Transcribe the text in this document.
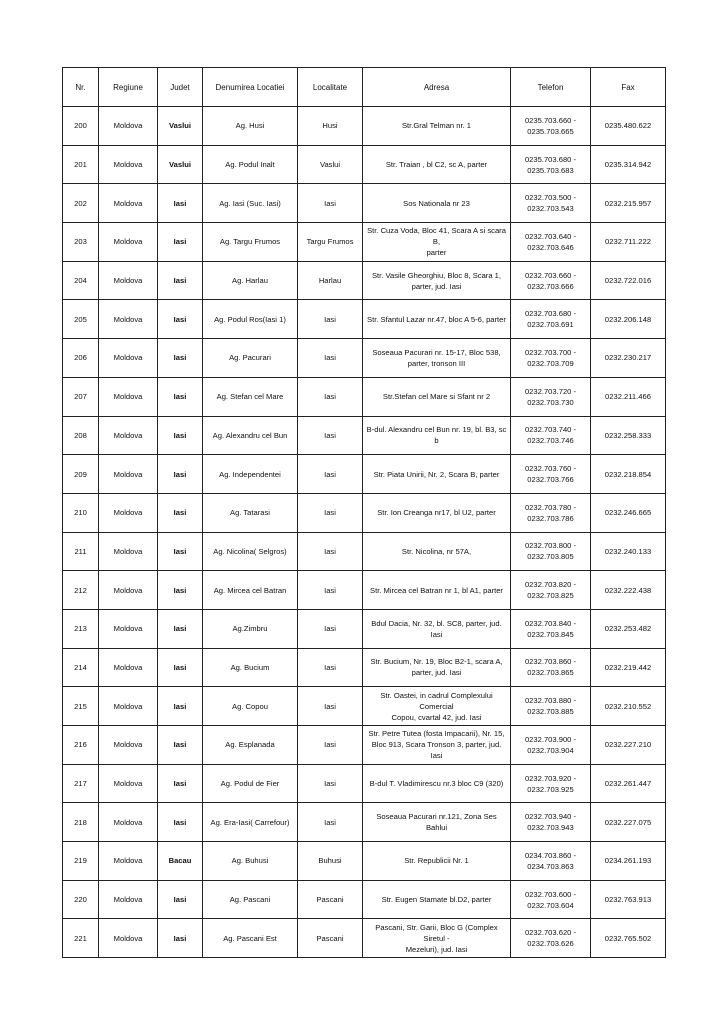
Nr.	Regiune	Judet	Denumirea Locatiei	Localitate	Adresa	Telefon	Fax
200	Moldova	Vaslui	Ag. Husi	Husi	Str.Gral Telman nr. 1	0235.703.660 -
0235.703.665	0235.480.622
201	Moldova	Vaslui	Ag. Podul Inalt	Vaslui	Str. Traian , bl C2, sc A, parter	0235.703.680 -
0235.703.683	0235.314.942
202	Moldova	Iasi	Ag. Iasi (Suc. Iasi)	Iasi	Sos Nationala nr 23	0232.703.500 -
0232.703.543	0232.215.957
203	Moldova	Iasi	Ag. Targu Frumos	Targu Frumos	Str. Cuza Voda, Bloc 41, Scara A si scara B,
parter	0232.703.640 -
0232.703.646	0232.711.222
204	Moldova	Iasi	Ag. Harlau	Harlau	Str. Vasile Gheorghiu, Bloc 8, Scara 1,
parter, jud. Iasi	0232.703.660 -
0232.703.666	0232.722.016
205	Moldova	Iasi	Ag. Podul Ros(Iasi 1)	Iasi	Str. Sfantul Lazar nr.47, bloc A 5-6, parter	0232.703.680 -
0232.703.691	0232.206.148
206	Moldova	Iasi	Ag. Pacurari	Iasi	Soseaua Pacurari nr. 15-17, Bloc 538,
parter, tronson III	0232.703.700 -
0232.703.709	0232.230.217
207	Moldova	Iasi	Ag. Stefan cel Mare	Iasi	Str.Stefan cel Mare si Sfant nr 2	0232.703.720 -
0232.703.730	0232.211.466
208	Moldova	Iasi	Ag. Alexandru cel Bun	Iasi	B-dul. Alexandru cel Bun nr. 19, bl. B3, sc b	0232.703.740 -
0232.703.746	0232.258.333
209	Moldova	Iasi	Ag. Independentei	Iasi	Str. Piata Unirii, Nr. 2, Scara B, parter	0232.703.760 -
0232.703.766	0232.218.854
210	Moldova	Iasi	Ag. Tatarasi	Iasi	Str. Ion Creanga nr17, bl U2, parter	0232.703.780 -
0232.703.786	0232.246.665
211	Moldova	Iasi	Ag. Nicolina( Selgros)	Iasi	Str. Nicolina, nr 57A,	0232.703.800 -
0232.703.805	0232.240.133
212	Moldova	Iasi	Ag. Mircea cel Batran	Iasi	Str. Mircea cel Batran nr 1, bl A1, parter	0232.703.820 -
0232.703.825	0232.222.438
213	Moldova	Iasi	Ag.Zimbru	Iasi	Bdul Dacia, Nr. 32, bl. SC8, parter, jud. Iasi	0232.703.840 -
0232.703.845	0232.253.482
214	Moldova	Iasi	Ag. Bucium	Iasi	Str. Bucium, Nr. 19, Bloc B2-1, scara A,
parter, jud. Iasi	0232.703.860 -
0232.703.865	0232.219.442
215	Moldova	Iasi	Ag. Copou	Iasi	Str. Oastei, in cadrul Complexului Comercial
Copou, cvartal 42, jud. Iasi	0232.703.880 -
0232.703.885	0232.210.552
216	Moldova	Iasi	Ag. Esplanada	Iasi	Str. Petre Tutea (fosta Impacarii), Nr. 15,
Bloc 913, Scara Tronson 3, parter, jud. Iasi	0232.703.900 -
0232.703.904	0232.227.210
217	Moldova	Iasi	Ag. Podul de Fier	Iasi	B-dul T. Vladimirescu nr.3 bloc C9 (320)	0232.703.920 -
0232.703.925	0232.261.447
218	Moldova	Iasi	Ag. Era-Iasi( Carrefour)	Iasi	Soseaua Pacurari nr.121, Zona Ses Bahlui	0232.703.940 -
0232.703.943	0232.227.075
219	Moldova	Bacau	Ag. Buhusi	Buhusi	Str. Republicii Nr. 1	0234.703.860 -
0234.703.863	0234.261.193
220	Moldova	Iasi	Ag. Pascani	Pascani	Str. Eugen Stamate bl.D2, parter	0232.703.600 -
0232.703.604	0232.763.913
221	Moldova	Iasi	Ag. Pascani Est	Pascani	Pascani, Str. Garii, Bloc G (Complex Siretul -
Mezeluri), jud. Iasi	0232.703.620 -
0232.703.626	0232.765.502
